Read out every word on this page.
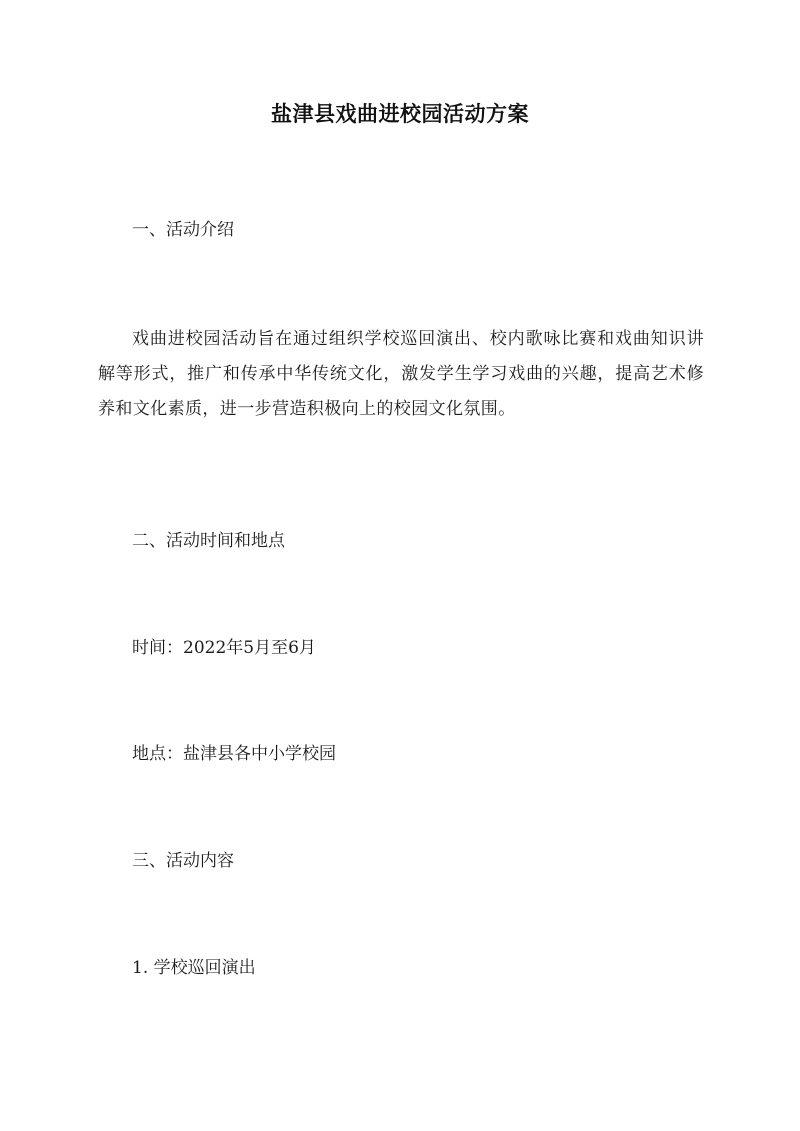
盐津县戏曲进校园活动方案
一、活动介绍
戏曲进校园活动旨在通过组织学校巡回演出、校内歌咏比赛和戏曲知识讲解等形式，推广和传承中华传统文化，激发学生学习戏曲的兴趣，提高艺术修养和文化素质，进一步营造积极向上的校园文化氛围。
二、活动时间和地点
时间：2022年5月至6月
地点：盐津县各中小学校园
三、活动内容
1. 学校巡回演出
